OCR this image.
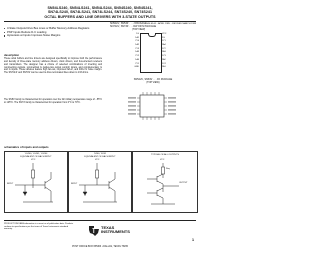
SN54LS240, SN54LS241, SN54LS244, SN54S240, SN54S241,
SN74LS240, SN74LS241, SN74LS244, SN74S240, SN74S241
OCTAL BUFFERS AND LINE DRIVERS WITH 3-STATE OUTPUTS
SDLS144 – APRIL 1985 – REVISED MARCH 1988
3-State Outputs Drive Bus Lines or Buffer Memory Address Registers
PNP Inputs Reduce D-C Loading
Hysteresis at Inputs Improves Noise Margins
description

These octal buffers and line drivers are designed specifically to improve both the performance and density of three-state memory address drivers, clock drivers, and bus-oriented receivers and transmitters. The designer has a choice of selected combinations of inverting and noninverting outputs, symmetrical G (active-low output control) inputs, and complementary G and G inputs. These devices feature high fan-out, improved fan-in, and 400-mV noise margin. The SN74LS' and SN74S' can be used to drive terminated lines down to 133 ohms.

The SN54' family is characterized for operation over the full military temperature range of −55°C to 125°C. The SN74' family is characterized for operation from 0°C to 70°C.

SN54LS', SN54S' . . . J PACKAGE
SN74LS', SN74S' . . . DW OR N PACKAGE
(TOP VIEW)
1G
1A1
2Y4
1A2
2Y3
1A3
2Y2
1A4
2Y1
GND
VCC
2G
1Y1
2A4
1Y2
2A3
1Y3
2A2
1Y4
2A1
SN54LS', SN54S' . . . FK PACKAGE
(TOP VIEW)
schematics of inputs and outputs
'LS240, 'LS241, 'LS244
EQUIVALENT OF EACH INPUT
VCC
INPUT
'S240, 'S241
EQUIVALENT OF EACH INPUT
VCC
INPUT
TYPICAL OF ALL OUTPUTS
VCC
OUTPUT
Req
PRODUCTION DATA information is current as of publication date. Products conform to specifications per the terms of Texas Instruments standard warranty.	TEXAS
INSTRUMENTS
POST OFFICE BOX 655303 • DALLAS, TEXAS 75265
1
